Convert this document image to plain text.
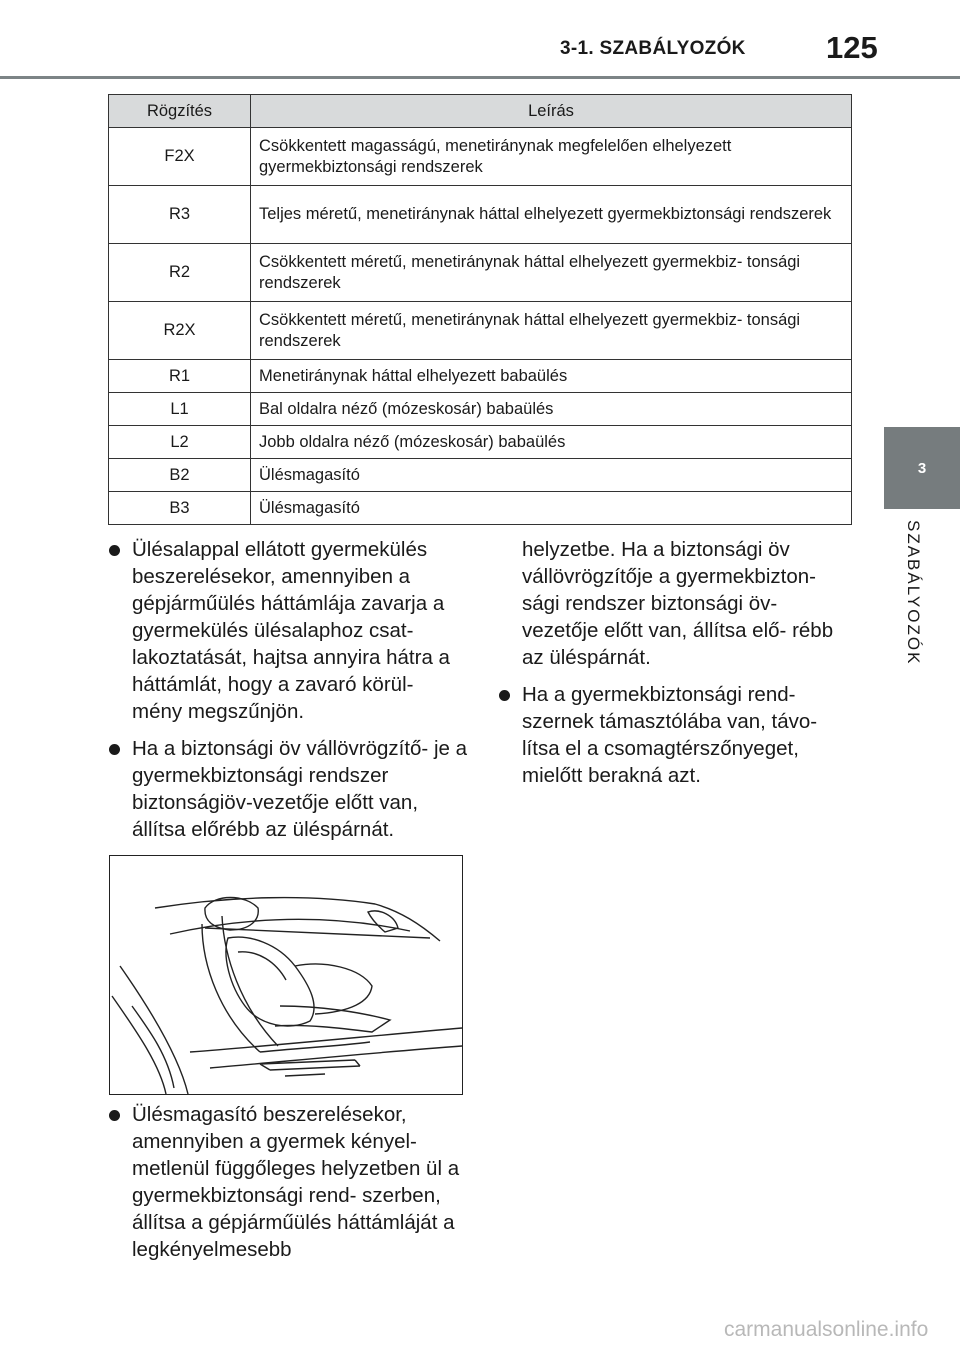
3-1. SZABÁLYOZÓK	125
3
SZABÁLYOZÓK
Rögzítés	Leírás
F2X	Csökkentett magasságú, menetiránynak megfelelően elhelyezett gyermekbiztonsági rendszerek
R3	Teljes méretű, menetiránynak háttal elhelyezett gyermekbiztonsági rendszerek
R2	Csökkentett méretű, menetiránynak háttal elhelyezett gyermekbiz- tonsági rendszerek
R2X	Csökkentett méretű, menetiránynak háttal elhelyezett gyermekbiz- tonsági rendszerek
R1	Menetiránynak háttal elhelyezett babaülés
L1	Bal oldalra néző (mózeskosár) babaülés
L2	Jobb oldalra néző (mózeskosár) babaülés
B2	Ülésmagasító
B3	Ülésmagasító
Ülésalappal ellátott gyermekülés beszerelésekor, amennyiben a gépjárműülés háttámlája zavarja a gyermekülés ülésalaphoz csat- lakoztatását, hajtsa annyira hátra a háttámlát, hogy a zavaró körül- mény megszűnjön.
Ha a biztonsági öv vállövrögzítő- je a gyermekbiztonsági rendszer biztonságiöv-vezetője előtt van, állítsa előrébb az üléspárnát.
helyzetbe. Ha a biztonsági öv vállövrögzítője a gyermekbizton- sági rendszer biztonsági öv-vezetője előtt van, állítsa elő- rébb az üléspárnát.
Ha a gyermekbiztonsági rend- szernek támasztólába van, távo- lítsa el a csomagtérszőnyeget, mielőtt berakná azt.
Ülésmagasító beszerelésekor, amennyiben a gyermek kényel- metlenül függőleges helyzetben ül a gyermekbiztonsági rend- szerben, állítsa a gépjárműülés háttámláját a legkényelmesebb
carmanualsonline.info
